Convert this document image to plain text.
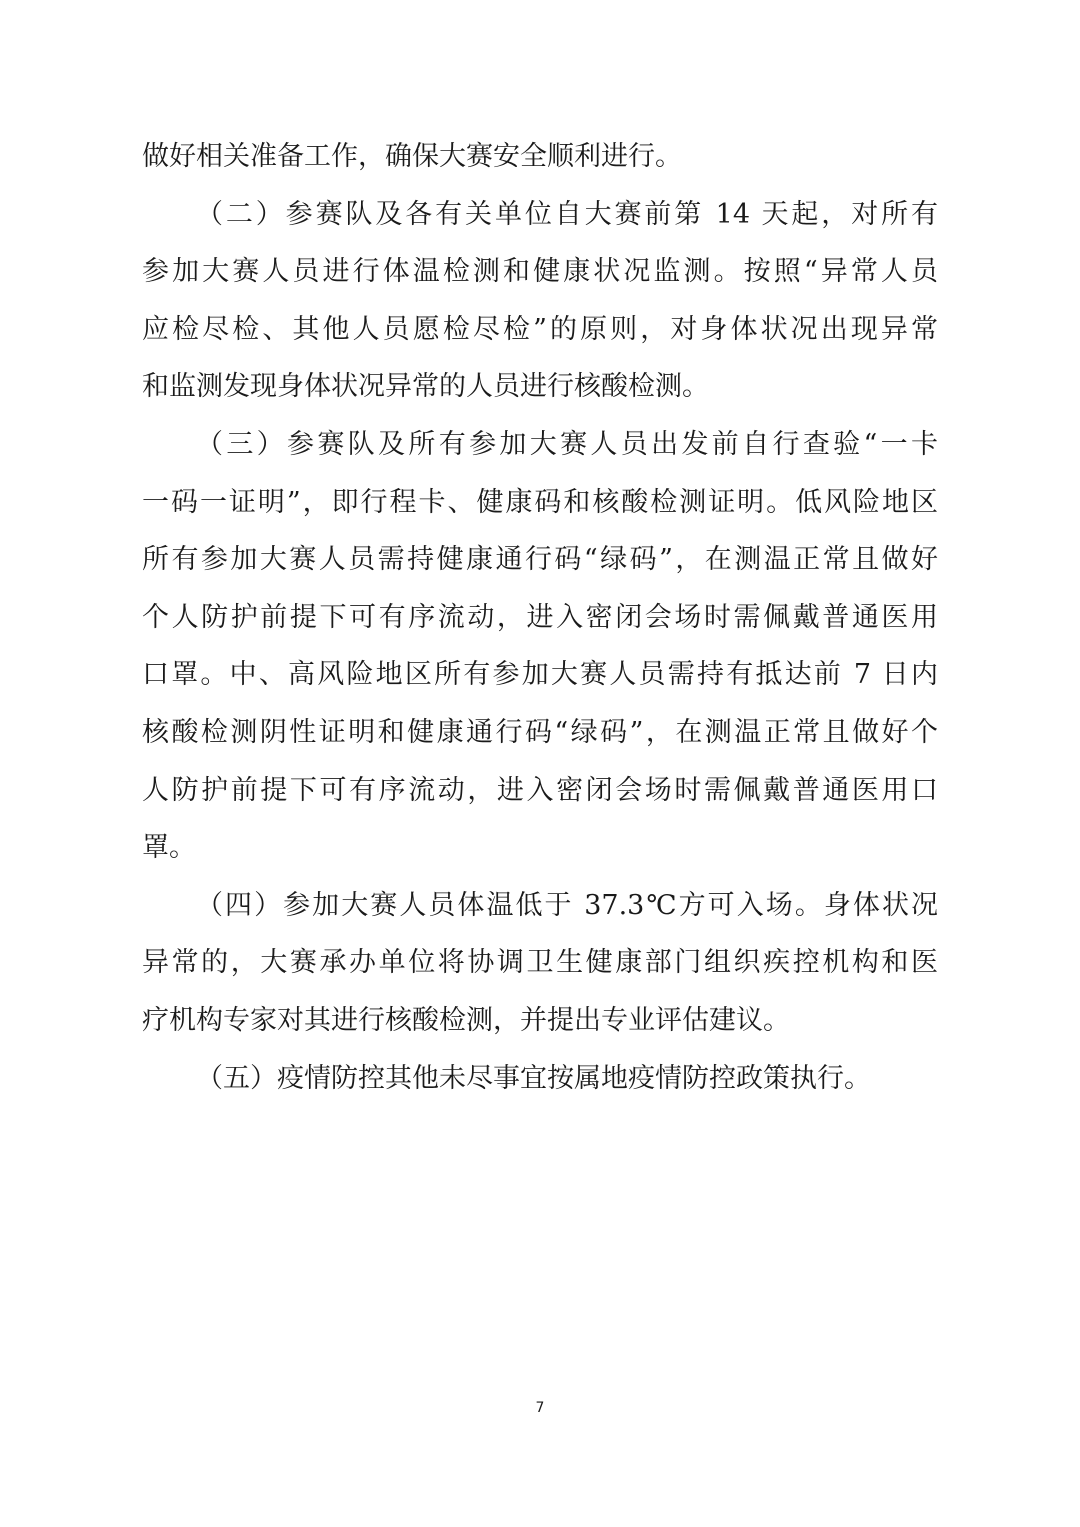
做好相关准备工作，确保大赛安全顺利进行。
（二）参赛队及各有关单位自大赛前第 14 天起，对所有
参加大赛人员进行体温检测和健康状况监测。按照“异常人员
应检尽检、其他人员愿检尽检”的原则，对身体状况出现异常
和监测发现身体状况异常的人员进行核酸检测。
（三）参赛队及所有参加大赛人员出发前自行查验“一卡
一码一证明”，即行程卡、健康码和核酸检测证明。低风险地区
所有参加大赛人员需持健康通行码“绿码”，在测温正常且做好
个人防护前提下可有序流动，进入密闭会场时需佩戴普通医用
口罩。中、高风险地区所有参加大赛人员需持有抵达前 7 日内
核酸检测阴性证明和健康通行码“绿码”，在测温正常且做好个
人防护前提下可有序流动，进入密闭会场时需佩戴普通医用口
罩。
（四）参加大赛人员体温低于 37.3℃方可入场。身体状况
异常的，大赛承办单位将协调卫生健康部门组织疾控机构和医
疗机构专家对其进行核酸检测，并提出专业评估建议。
（五）疫情防控其他未尽事宜按属地疫情防控政策执行。
7
